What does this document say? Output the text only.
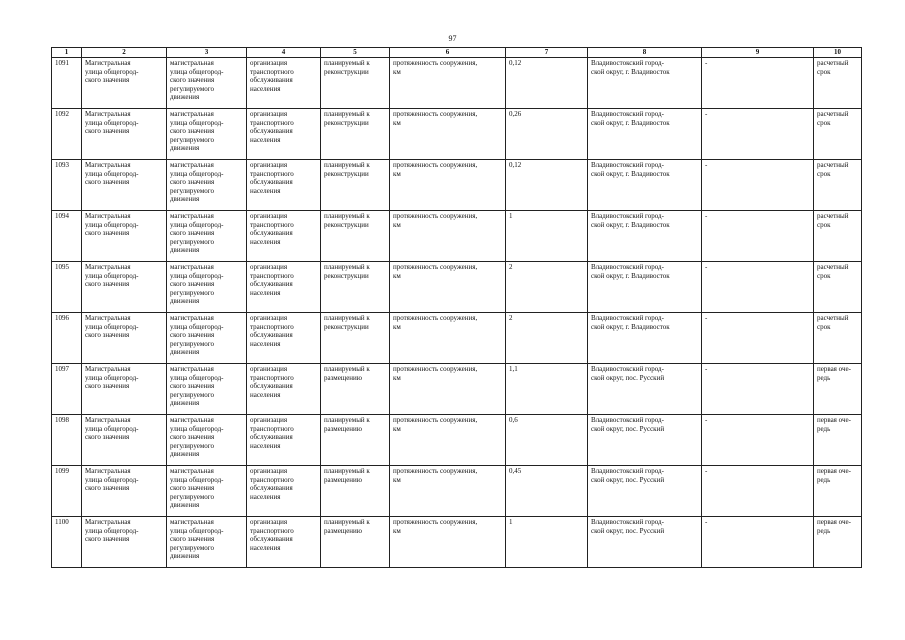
97
1	2	3	4	5	6	7	8	9	10
1091	Магистральная
улица общегород-
ского значения	магистральная
улица общегород-
ского значения
регулируемого
движения	организация
транспортного
обслуживания
населения	планируемый к
реконструкции	протяженность сооружения,
км	0,12	Владивостокский город-
ской округ, г. Владивосток	-	расчетный
срок
1092	Магистральная
улица общегород-
ского значения	магистральная
улица общегород-
ского значения
регулируемого
движения	организация
транспортного
обслуживания
населения	планируемый к
реконструкции	протяженность сооружения,
км	0,26	Владивостокский город-
ской округ, г. Владивосток	-	расчетный
срок
1093	Магистральная
улица общегород-
ского значения	магистральная
улица общегород-
ского значения
регулируемого
движения	организация
транспортного
обслуживания
населения	планируемый к
реконструкции	протяженность сооружения,
км	0,12	Владивостокский город-
ской округ, г. Владивосток	-	расчетный
срок
1094	Магистральная
улица общегород-
ского значения	магистральная
улица общегород-
ского значения
регулируемого
движения	организация
транспортного
обслуживания
населения	планируемый к
реконструкции	протяженность сооружения,
км	1	Владивостокский город-
ской округ, г. Владивосток	-	расчетный
срок
1095	Магистральная
улица общегород-
ского значения	магистральная
улица общегород-
ского значения
регулируемого
движения	организация
транспортного
обслуживания
населения	планируемый к
реконструкции	протяженность сооружения,
км	2	Владивостокский город-
ской округ, г. Владивосток	-	расчетный
срок
1096	Магистральная
улица общегород-
ского значения	магистральная
улица общегород-
ского значения
регулируемого
движения	организация
транспортного
обслуживания
населения	планируемый к
реконструкции	протяженность сооружения,
км	2	Владивостокский город-
ской округ, г. Владивосток	-	расчетный
срок
1097	Магистральная
улица общегород-
ского значения	магистральная
улица общегород-
ского значения
регулируемого
движения	организация
транспортного
обслуживания
населения	планируемый к
размещению	протяженность сооружения,
км	1,1	Владивостокский город-
ской округ, пос. Русский	-	первая оче-
редь
1098	Магистральная
улица общегород-
ского значения	магистральная
улица общегород-
ского значения
регулируемого
движения	организация
транспортного
обслуживания
населения	планируемый к
размещению	протяженность сооружения,
км	0,6	Владивостокский город-
ской округ, пос. Русский	-	первая оче-
редь
1099	Магистральная
улица общегород-
ского значения	магистральная
улица общегород-
ского значения
регулируемого
движения	организация
транспортного
обслуживания
населения	планируемый к
размещению	протяженность сооружения,
км	0,45	Владивостокский город-
ской округ, пос. Русский	-	первая оче-
редь
1100	Магистральная
улица общегород-
ского значения	магистральная
улица общегород-
ского значения
регулируемого
движения	организация
транспортного
обслуживания
населения	планируемый к
размещению	протяженность сооружения,
км	1	Владивостокский город-
ской округ, пос. Русский	-	первая оче-
редь
